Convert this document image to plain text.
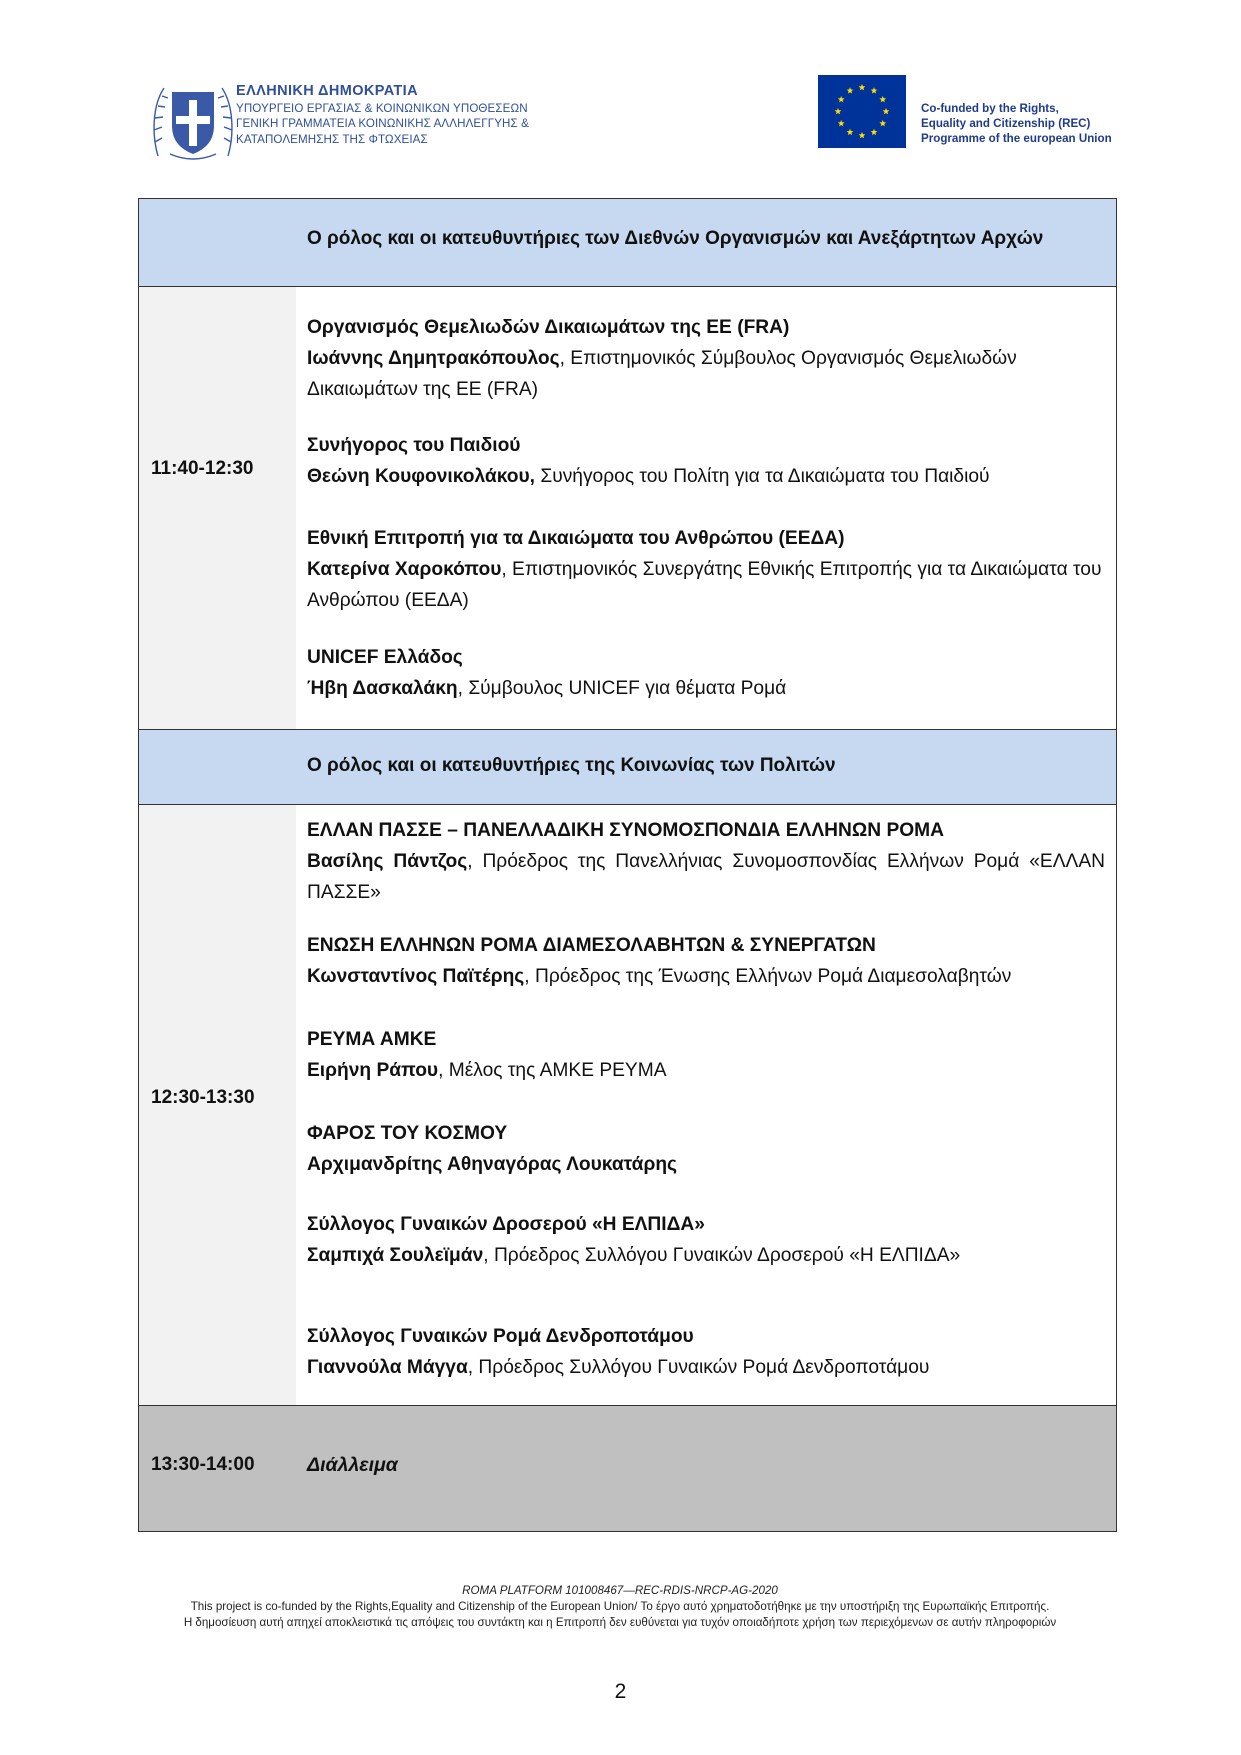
ΕΛΛΗΝΙΚΗ ΔΗΜΟΚΡΑΤΙΑ
ΥΠΟΥΡΓΕΙΟ ΕΡΓΑΣΙΑΣ & ΚΟΙΝΩΝΙΚΩΝ ΥΠΟΘΕΣΕΩΝ
ΓΕΝΙΚΗ ΓΡΑΜΜΑΤΕΙΑ ΚΟΙΝΩΝΙΚΗΣ ΑΛΛΗΛΕΓΓΥΗΣ &
ΚΑΤΑΠΟΛΕΜΗΣΗΣ ΤΗΣ ΦΤΩΧΕΙΑΣ
Co-funded by the Rights,
Equality and Citizenship (REC)
Programme of the european Union
Ο ρόλος και οι κατευθυντήριες των Διεθνών Οργανισμών και Ανεξάρτητων Αρχών
11:40-12:30
Οργανισμός Θεμελιωδών Δικαιωμάτων της ΕΕ (FRA)
Ιωάννης Δημητρακόπουλος, Επιστημονικός Σύμβουλος Οργανισμός Θεμελιωδών Δικαιωμάτων της ΕΕ (FRA)
Συνήγορος του Παιδιού
Θεώνη Κουφονικολάκου, Συνήγορος του Πολίτη για τα Δικαιώματα του Παιδιού
Εθνική Επιτροπή για τα Δικαιώματα του Ανθρώπου (ΕΕΔΑ)
Κατερίνα Χαροκόπου, Επιστημονικός Συνεργάτης Εθνικής Επιτροπής για τα Δικαιώματα του Ανθρώπου (ΕΕΔΑ)
UNICEF Ελλάδος
Ήβη Δασκαλάκη, Σύμβουλος UNICEF για θέματα Ρομά
Ο ρόλος και οι κατευθυντήριες της Κοινωνίας των Πολιτών
12:30-13:30
ΕΛΛΑΝ ΠΑΣΣΕ – ΠΑΝΕΛΛΑΔΙΚΗ ΣΥΝΟΜΟΣΠΟΝΔΙΑ ΕΛΛΗΝΩΝ ΡΟΜΑ
Βασίλης Πάντζος, Πρόεδρος της Πανελλήνιας Συνομοσπονδίας Ελλήνων Ρομά «ΕΛΛΑΝ ΠΑΣΣΕ»
ΕΝΩΣΗ ΕΛΛΗΝΩΝ ΡΟΜΑ ΔΙΑΜΕΣΟΛΑΒΗΤΩΝ & ΣΥΝΕΡΓΑΤΩΝ
Κωνσταντίνος Παϊτέρης, Πρόεδρος της Ένωσης Ελλήνων Ρομά Διαμεσολαβητών
ΡΕΥΜΑ ΑΜΚΕ
Ειρήνη Ράπου, Μέλος της ΑΜΚΕ ΡΕΥΜΑ
ΦΑΡΟΣ ΤΟΥ ΚΟΣΜΟΥ
Αρχιμανδρίτης Αθηναγόρας Λουκατάρης
Σύλλογος Γυναικών Δροσερού «Η ΕΛΠΙΔΑ»
Σαμπιχά Σουλεϊμάν, Πρόεδρος Συλλόγου Γυναικών Δροσερού «Η ΕΛΠΙΔΑ»
Σύλλογος Γυναικών Ρομά Δενδροποτάμου
Γιαννούλα Μάγγα, Πρόεδρος Συλλόγου Γυναικών Ρομά Δενδροποτάμου
13:30-14:00	Διάλλειμα
ROMA PLATFORM 101008467—REC-RDIS-NRCP-AG-2020
This project is co-funded by the Rights,Equality and Citizenship of the European Union/ Το έργο αυτό χρηματοδοτήθηκε με την υποστήριξη της Ευρωπαϊκής Επιτροπής.
Η δημοσίευση αυτή απηχεί αποκλειστικά τις απόψεις του συντάκτη και η Επιτροπή δεν ευθύνεται για τυχόν οποιαδήποτε χρήση των περιεχόμενων σε αυτήν πληροφοριών
2
